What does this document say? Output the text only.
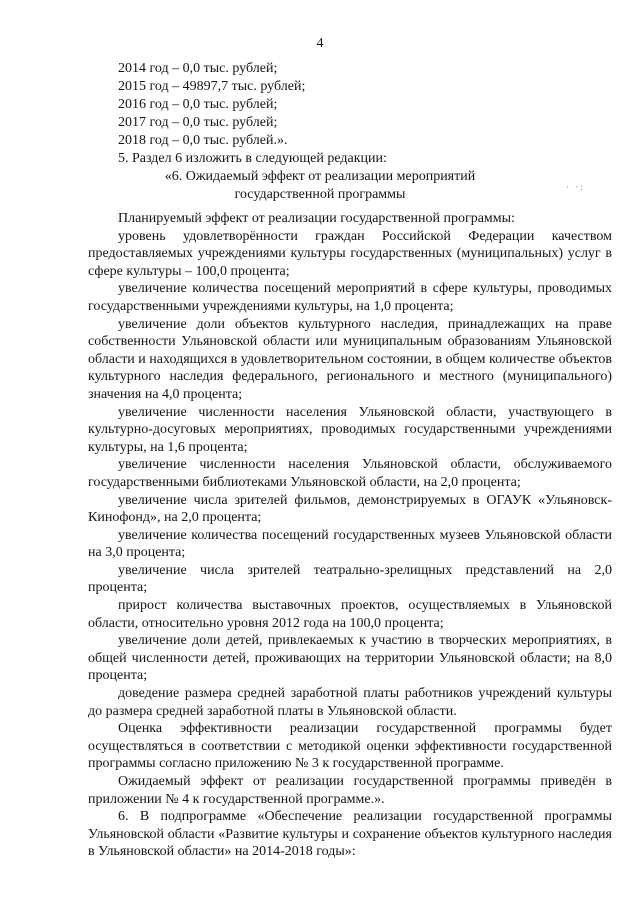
4
2014 год – 0,0 тыс. рублей;
2015 год – 49897,7 тыс. рублей;
2016 год – 0,0 тыс. рублей;
2017 год – 0,0 тыс. рублей;
2018 год – 0,0 тыс. рублей.».
5. Раздел 6 изложить в следующей редакции:
«6. Ожидаемый эффект от реализации мероприятий
государственной программы	· ·:

Планируемый эффект от реализации государственной программы:

уровень удовлетворённости граждан Российской Федерации качеством предоставляемых учреждениями культуры государственных (муниципальных) услуг в сфере культуры – 100,0 процента;

увеличение количества посещений мероприятий в сфере культуры, проводимых государственными учреждениями культуры, на 1,0 процента;

увеличение доли объектов культурного наследия, принадлежащих на праве собственности Ульяновской области или муниципальным образованиям Ульяновской области и находящихся в удовлетворительном состоянии, в общем количестве объектов культурного наследия федерального, регионального и местного (муниципального) значения на 4,0 процента;

увеличение численности населения Ульяновской области, участвующего в культурно-досуговых мероприятиях, проводимых государственными учреждениями культуры, на 1,6 процента;

увеличение численности населения Ульяновской области, обслуживаемого государственными библиотеками Ульяновской области, на 2,0 процента;

увеличение числа зрителей фильмов, демонстрируемых в ОГАУК «Ульяновск-Кинофонд», на 2,0 процента;

увеличение количества посещений государственных музеев Ульяновской области на 3,0 процента;

увеличение числа зрителей театрально-зрелищных представлений на 2,0 процента;

прирост количества выставочных проектов, осуществляемых в Ульяновской области, относительно уровня 2012 года на 100,0 процента;

увеличение доли детей, привлекаемых к участию в творческих мероприятиях, в общей численности детей, проживающих на территории Ульяновской области; на 8,0 процента;

доведение размера средней заработной платы работников учреждений культуры до размера средней заработной платы в Ульяновской области.

Оценка эффективности реализации государственной программы будет осуществляться в соответствии с методикой оценки эффективности государственной программы согласно приложению № 3 к государственной программе.

Ожидаемый эффект от реализации государственной программы приведён в приложении № 4 к государственной программе.».

6. В подпрограмме «Обеспечение реализации государственной программы Ульяновской области «Развитие культуры и сохранение объектов культурного наследия в Ульяновской области» на 2014-2018 годы»:
